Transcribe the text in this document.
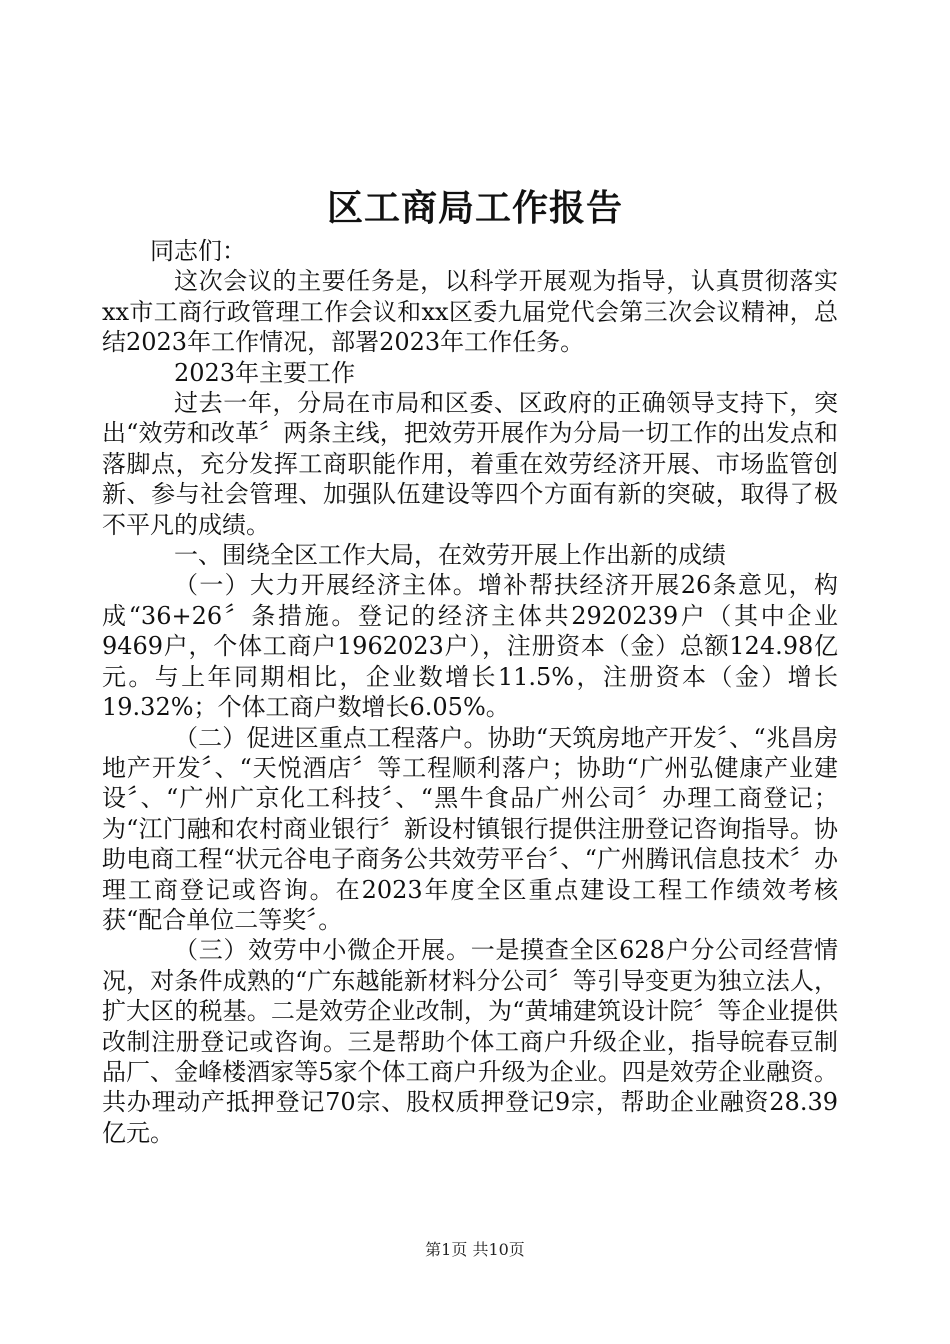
区工商局工作报告

同志们：

这次会议的主要任务是，以科学开展观为指导，认真贯彻落实xx市工商行政管理工作会议和xx区委九届党代会第三次会议精神，总结2023年工作情况，部署2023年工作任务。

2023年主要工作

过去一年，分局在市局和区委、区政府的正确领导支持下，突出“效劳和改革〞两条主线，把效劳开展作为分局一切工作的出发点和落脚点，充分发挥工商职能作用，着重在效劳经济开展、市场监管创新、参与社会管理、加强队伍建设等四个方面有新的突破，取得了极不平凡的成绩。

一、围绕全区工作大局，在效劳开展上作出新的成绩

（一）大力开展经济主体。增补帮扶经济开展26条意见，构成“36+26〞条措施。登记的经济主体共2920239户（其中企业9469户，个体工商户1962023户），注册资本（金）总额124.98亿元。与上年同期相比，企业数增长11.5%，注册资本（金）增长19.32%；个体工商户数增长6.05%。

（二）促进区重点工程落户。协助“天筑房地产开发〞、“兆昌房地产开发〞、“天悦酒店〞等工程顺利落户；协助“广州弘健康产业建设〞、“广州广京化工科技〞、“黑牛食品广州公司〞办理工商登记；为“江门融和农村商业银行〞新设村镇银行提供注册登记咨询指导。协助电商工程“状元谷电子商务公共效劳平台〞、“广州腾讯信息技术〞办理工商登记或咨询。在2023年度全区重点建设工程工作绩效考核获“配合单位二等奖〞。

（三）效劳中小微企开展。一是摸查全区628户分公司经营情况，对条件成熟的“广东越能新材料分公司〞等引导变更为独立法人，扩大区的税基。二是效劳企业改制，为“黄埔建筑设计院〞等企业提供改制注册登记或咨询。三是帮助个体工商户升级企业，指导皖春豆制品厂、金峰楼酒家等5家个体工商户升级为企业。四是效劳企业融资。共办理动产抵押登记70宗、股权质押登记9宗，帮助企业融资28.39亿元。

第1页 共10页
